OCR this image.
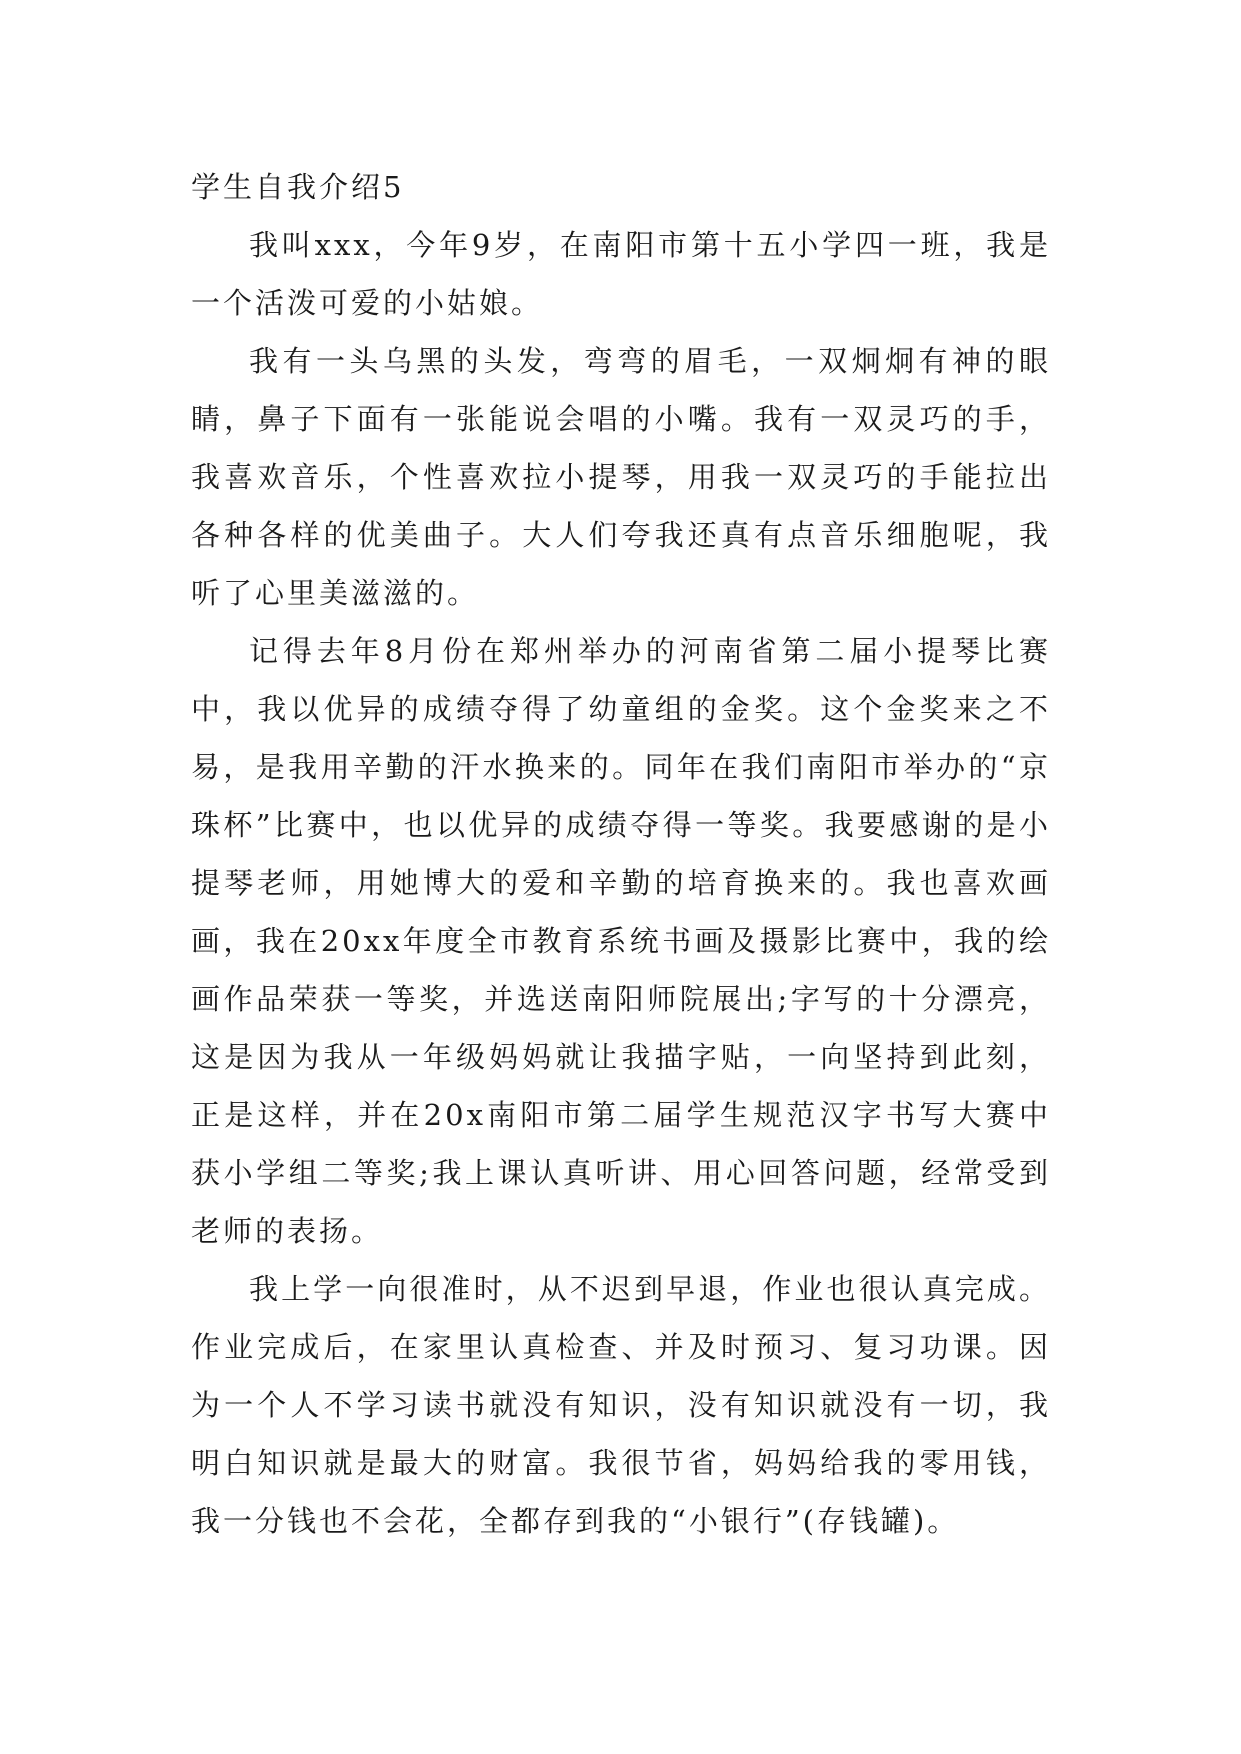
学生自我介绍5

我叫xxx，今年9岁，在南阳市第十五小学四一班，我是一个活泼可爱的小姑娘。

我有一头乌黑的头发，弯弯的眉毛，一双炯炯有神的眼睛，鼻子下面有一张能说会唱的小嘴。我有一双灵巧的手，我喜欢音乐，个性喜欢拉小提琴，用我一双灵巧的手能拉出各种各样的优美曲子。大人们夸我还真有点音乐细胞呢，我听了心里美滋滋的。

记得去年8月份在郑州举办的河南省第二届小提琴比赛中，我以优异的成绩夺得了幼童组的金奖。这个金奖来之不易，是我用辛勤的汗水换来的。同年在我们南阳市举办的“京珠杯”比赛中，也以优异的成绩夺得一等奖。我要感谢的是小提琴老师，用她博大的爱和辛勤的培育换来的。我也喜欢画画，我在20xx年度全市教育系统书画及摄影比赛中，我的绘画作品荣获一等奖，并选送南阳师院展出;字写的十分漂亮，这是因为我从一年级妈妈就让我描字贴，一向坚持到此刻，正是这样，并在20x南阳市第二届学生规范汉字书写大赛中获小学组二等奖;我上课认真听讲、用心回答问题，经常受到老师的表扬。

我上学一向很准时，从不迟到早退，作业也很认真完成。作业完成后，在家里认真检查、并及时预习、复习功课。因为一个人不学习读书就没有知识，没有知识就没有一切，我明白知识就是最大的财富。我很节省，妈妈给我的零用钱，我一分钱也不会花，全都存到我的“小银行”(存钱罐)。
